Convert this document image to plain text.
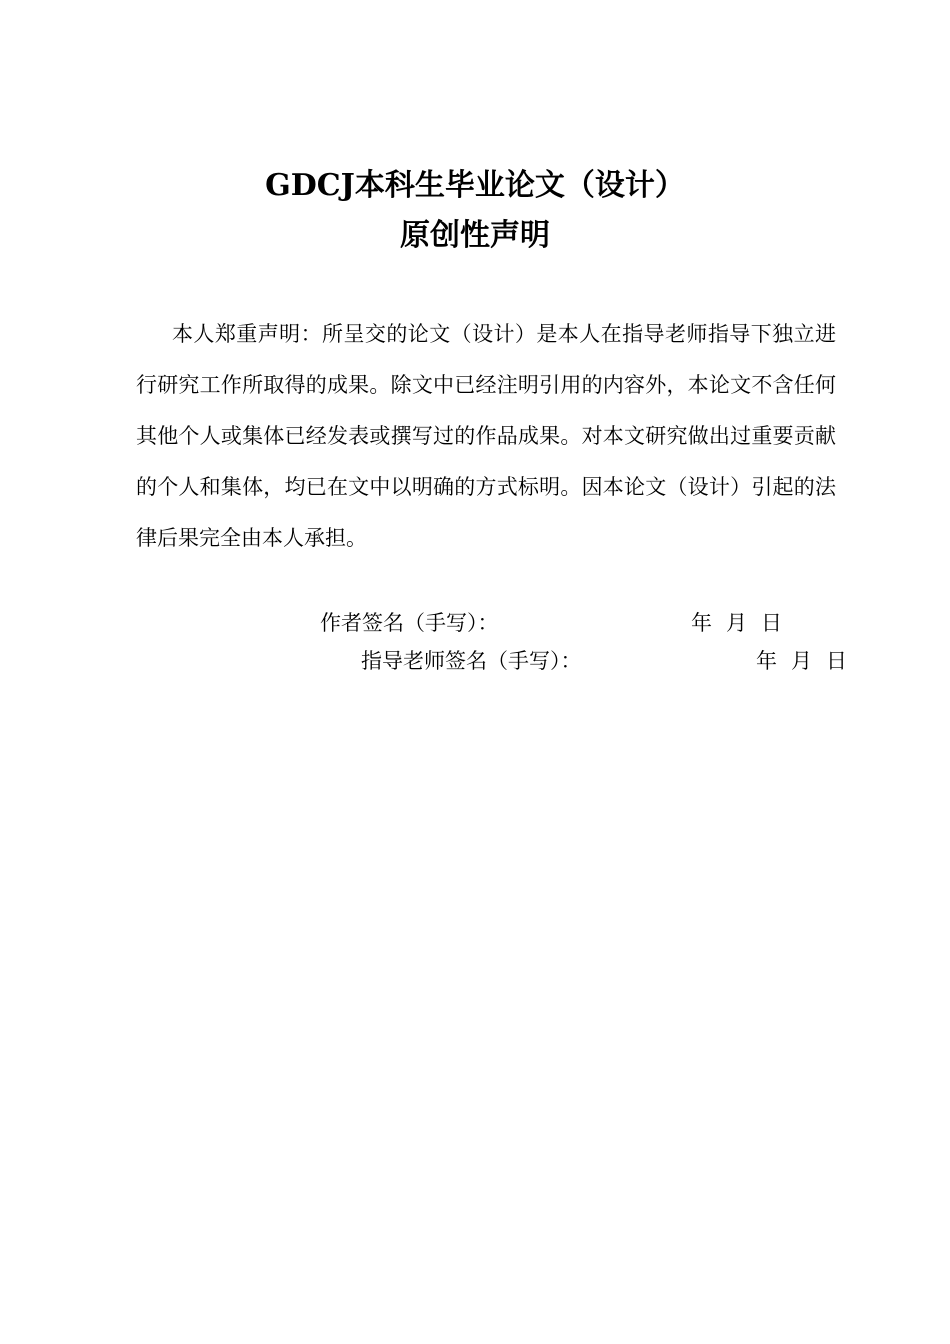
GDCJ本科生毕业论文（设计）
原创性声明

本人郑重声明：所呈交的论文（设计）是本人在指导老师指导下独立进行研究工作所取得的成果。除文中已经注明引用的内容外，本论文不含任何其他个人或集体已经发表或撰写过的作品成果。对本文研究做出过重要贡献的个人和集体，均已在文中以明确的方式标明。因本论文（设计）引起的法律后果完全由本人承担。

作者签名（手写）：	年 月 日
指导老师签名（手写）：	年 月 日
